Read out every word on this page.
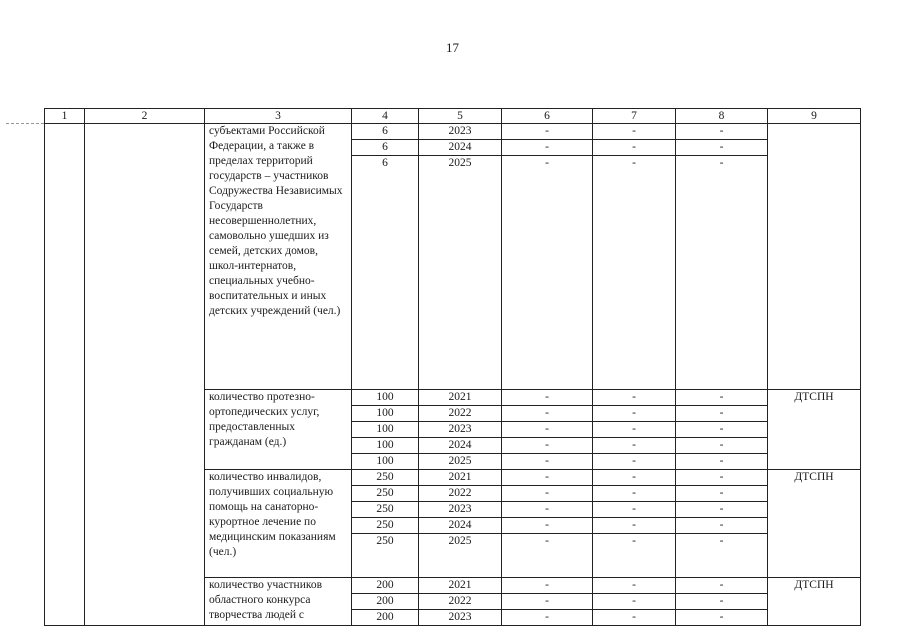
17
1	2	3	4	5	6	7	8	9
		субъектами Российской Федерации, а также в пределах территорий государств – участников Содружества Независимых Государств несовершеннолетних, самовольно ушедших из семей, детских домов, школ-интернатов, специальных учебно-воспитательных и иных детских учреждений (чел.)	6	2023	-	-	-	
			6	2024	-	-	-	
			6	2025	-	-	-	
		количество протезно-ортопедических услуг, предоставленных гражданам (ед.)	100	2021	-	-	-	ДТСПН
			100	2022	-	-	-	
			100	2023	-	-	-	
			100	2024	-	-	-	
			100	2025	-	-	-	
		количество инвалидов, получивших социальную помощь на санаторно-курортное лечение по медицинским показаниям (чел.)	250	2021	-	-	-	ДТСПН
			250	2022	-	-	-	
			250	2023	-	-	-	
			250	2024	-	-	-	
			250	2025	-	-	-	
		количество участников областного конкурса творчества людей с	200	2021	-	-	-	ДТСПН
			200	2022	-	-	-	
			200	2023	-	-	-	
